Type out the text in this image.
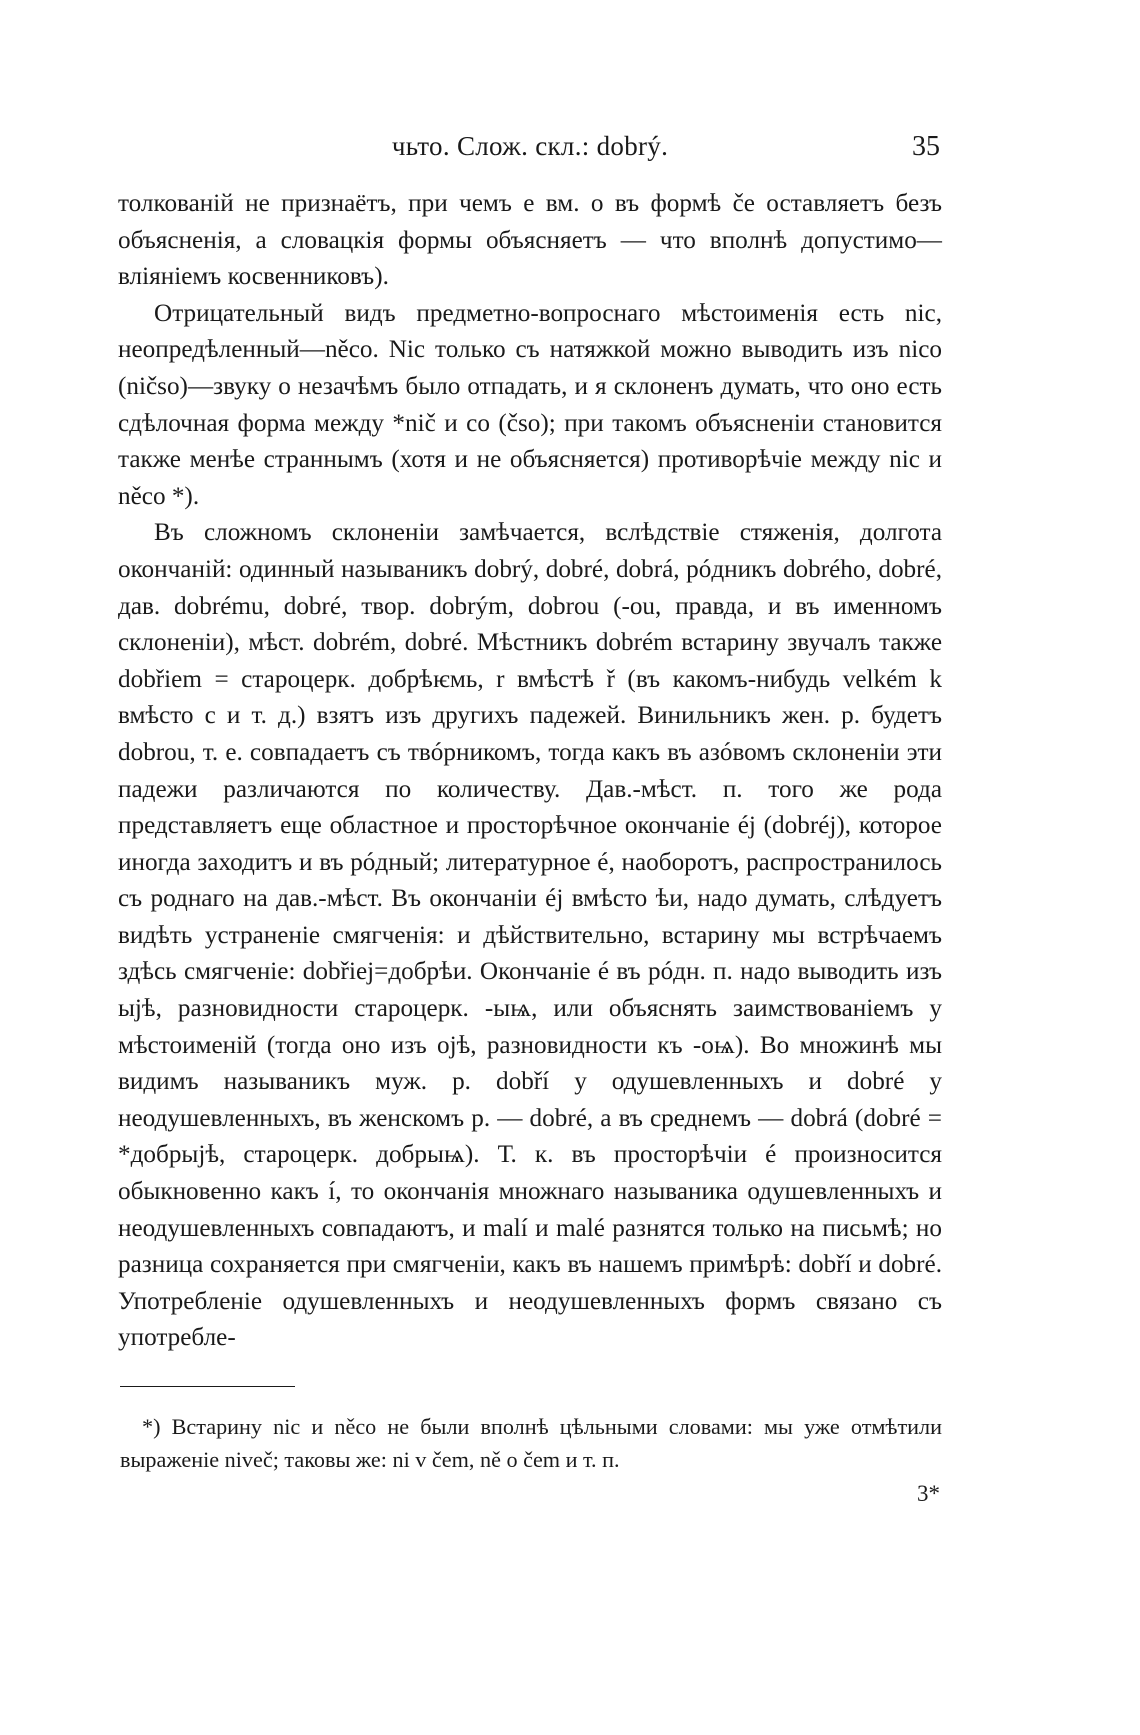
чьто. Слож. скл.: dobrý.	35

толкованій не признаётъ, при чемъ e вм. o въ формѣ če оставляетъ безъ объясненія, а словацкія формы объясняетъ — что вполнѣ допустимо—вліяніемъ косвенниковъ).

Отрицательный видъ предметно-вопроснаго мѣстоименія есть nic, неопредѣленный—něco. Nic только съ натяжкой можно выводить изъ nico (ničso)—звуку o незачѣмъ было отпадать, и я склоненъ думать, что оно есть сдѣлочная форма между *nič и co (čso); при такомъ объясненіи становится также менѣе страннымъ (хотя и не объясняется) противорѣчіе между nic и něco *).

Въ сложномъ склоненіи замѣчается, вслѣдствіе стяженія, долгота окончаній: одинный называникъ dobrý, dobré, dobrá, рóдникъ dobrého, dobré, дав. dobrému, dobré, твор. dobrým, dobrou (-ou, правда, и въ именномъ склоненіи), мѣст. dobrém, dobré. Мѣстникъ dobrém встарину звучалъ также dobřiem = староцерк. добрѣѥмь, r вмѣстѣ ř (въ какомъ-нибудь velkém k вмѣсто c и т. д.) взятъ изъ другихъ падежей. Винильникъ жен. р. будетъ dobrou, т. е. совпадаетъ съ твóрникомъ, тогда какъ въ азóвомъ склоненіи эти падежи различаются по количеству. Дав.-мѣст. п. того же рода представляетъ еще областное и просторѣчное окончаніе éj (dobréj), которое иногда заходитъ и въ рóдный; литературное é, наоборотъ, распространилось съ роднаго на дав.-мѣст. Въ окончаніи éj вмѣсто ѣи, надо думать, слѣдуетъ видѣть устраненіе смягченія: и дѣйствительно, встарину мы встрѣчаемъ здѣсь смягченіе: dobřiej=добрѣи. Окончаніе é въ рóдн. п. надо выводить изъ ыјѣ, разновидности староцерк. -ыѩ, или объяснять заимствованіемъ у мѣстоименій (тогда оно изъ ојѣ, разновидности къ -оѩ). Во множинѣ мы видимъ называникъ муж. р. dobří у одушевленныхъ и dobré у неодушевленныхъ, въ женскомъ р. — dobré, а въ среднемъ — dobrá (dobré = *добрыјѣ, староцерк. добрыѩ). Т. к. въ просторѣчіи é произносится обыкновенно какъ í, то окончанія множнаго называника одушевленныхъ и неодушевленныхъ совпадаютъ, и malí и malé разнятся только на письмѣ; но разница сохраняется при смягченіи, какъ въ нашемъ примѣрѣ: dobří и dobré. Употребленіе одушевленныхъ и неодушевленныхъ формъ связано съ употребле-

*) Встарину nic и něco не были вполнѣ цѣльными словами: мы уже отмѣтили выраженіе niveč; таковы же: ni v čem, ně o čem и т. п.
3*
